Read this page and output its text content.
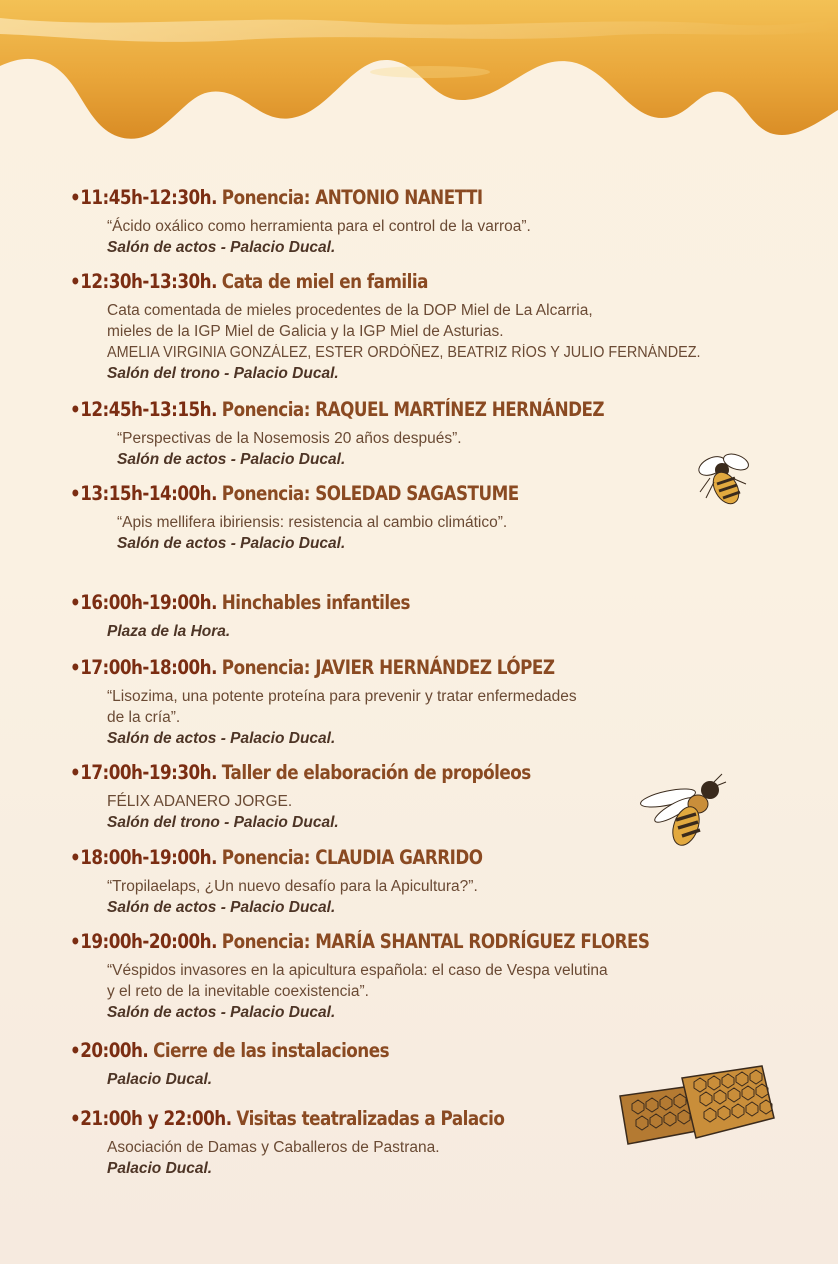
•11:45h-12:30h. Ponencia: ANTONIO NANETTI

“Ácido oxálico como herramienta para el control de la varroa”.

Salón de actos - Palacio Ducal.

•12:30h-13:30h. Cata de miel en familia

Cata comentada de mieles procedentes de la DOP Miel de La Alcarria,

mieles de la IGP Miel de Galicia y la IGP Miel de Asturias.

AMELIA VIRGINIA GONZÁLEZ, ESTER ORDÓÑEZ, BEATRIZ RÍOS Y JULIO FERNÁNDEZ.

Salón del trono - Palacio Ducal.

•12:45h-13:15h. Ponencia: RAQUEL MARTÍNEZ HERNÁNDEZ

“Perspectivas de la Nosemosis 20 años después”.

Salón de actos - Palacio Ducal.

•13:15h-14:00h. Ponencia: SOLEDAD SAGASTUME

“Apis mellifera ibiriensis: resistencia al cambio climático”.

Salón de actos - Palacio Ducal.

•16:00h-19:00h. Hinchables infantiles

Plaza de la Hora.

•17:00h-18:00h. Ponencia: JAVIER HERNÁNDEZ LÓPEZ

“Lisozima, una potente proteína para prevenir y tratar enfermedades

de la cría”.

Salón de actos - Palacio Ducal.

•17:00h-19:30h. Taller de elaboración de propóleos

FÉLIX ADANERO JORGE.

Salón del trono - Palacio Ducal.

•18:00h-19:00h. Ponencia: CLAUDIA GARRIDO

“Tropilaelaps, ¿Un nuevo desafío para la Apicultura?”.

Salón de actos - Palacio Ducal.

•19:00h-20:00h. Ponencia: MARÍA SHANTAL RODRÍGUEZ FLORES

“Véspidos invasores en la apicultura española: el caso de Vespa velutina

y el reto de la inevitable coexistencia”.

Salón de actos - Palacio Ducal.

•20:00h. Cierre de las instalaciones

Palacio Ducal.

•21:00h y 22:00h. Visitas teatralizadas a Palacio

Asociación de Damas y Caballeros de Pastrana.

Palacio Ducal.
